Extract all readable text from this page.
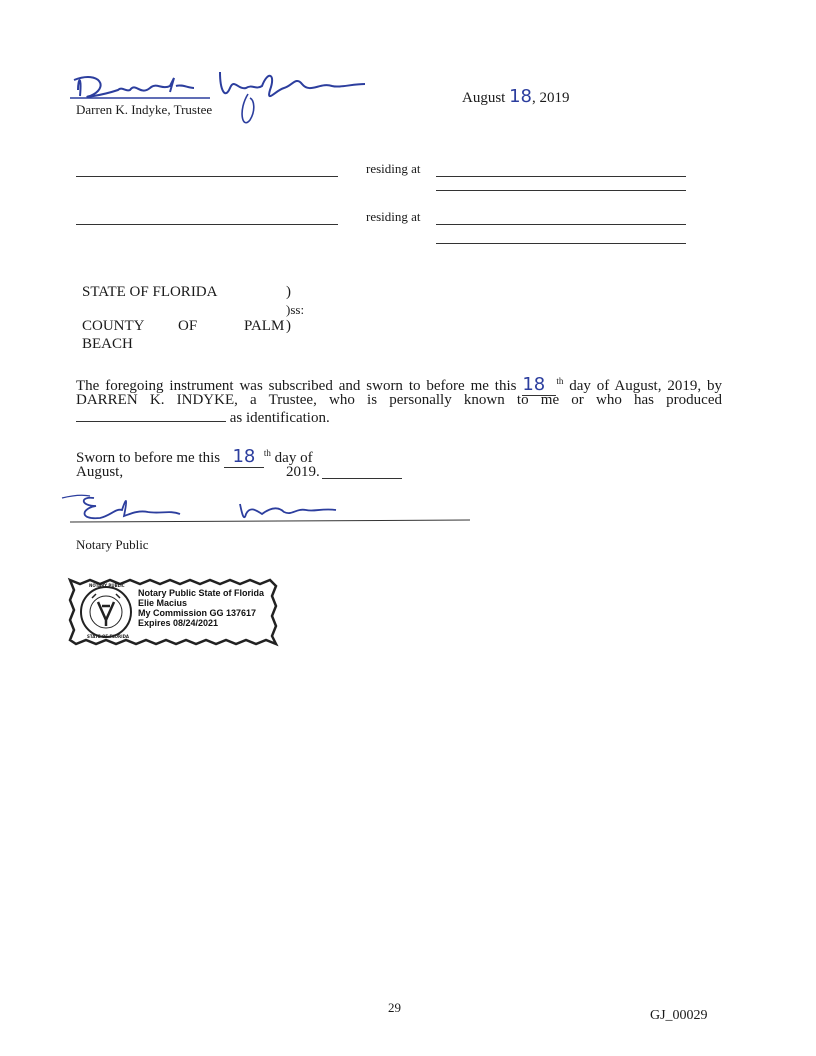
Darren K. Indyke, Trustee
August 18, 2019
residing at
residing at
STATE OF FLORIDA	)
)ss:
COUNTY OF	PALM )
BEACH
The foregoing instrument was subscribed and sworn to before me this 18 $^{th}$ day of August, 2019, by
DARREN K. INDYKE, a Trustee, who is personally known to me or who has produced
as identification.
Sworn to before me this 18 $^{th}$ day of
August,	2019.
Notary Public
NOTARY PUBLIC
STATE OF FLORIDA
Notary Public State of Florida
Elie Macius
My Commission GG 137617
Expires 08/24/2021
29
GJ_00029
